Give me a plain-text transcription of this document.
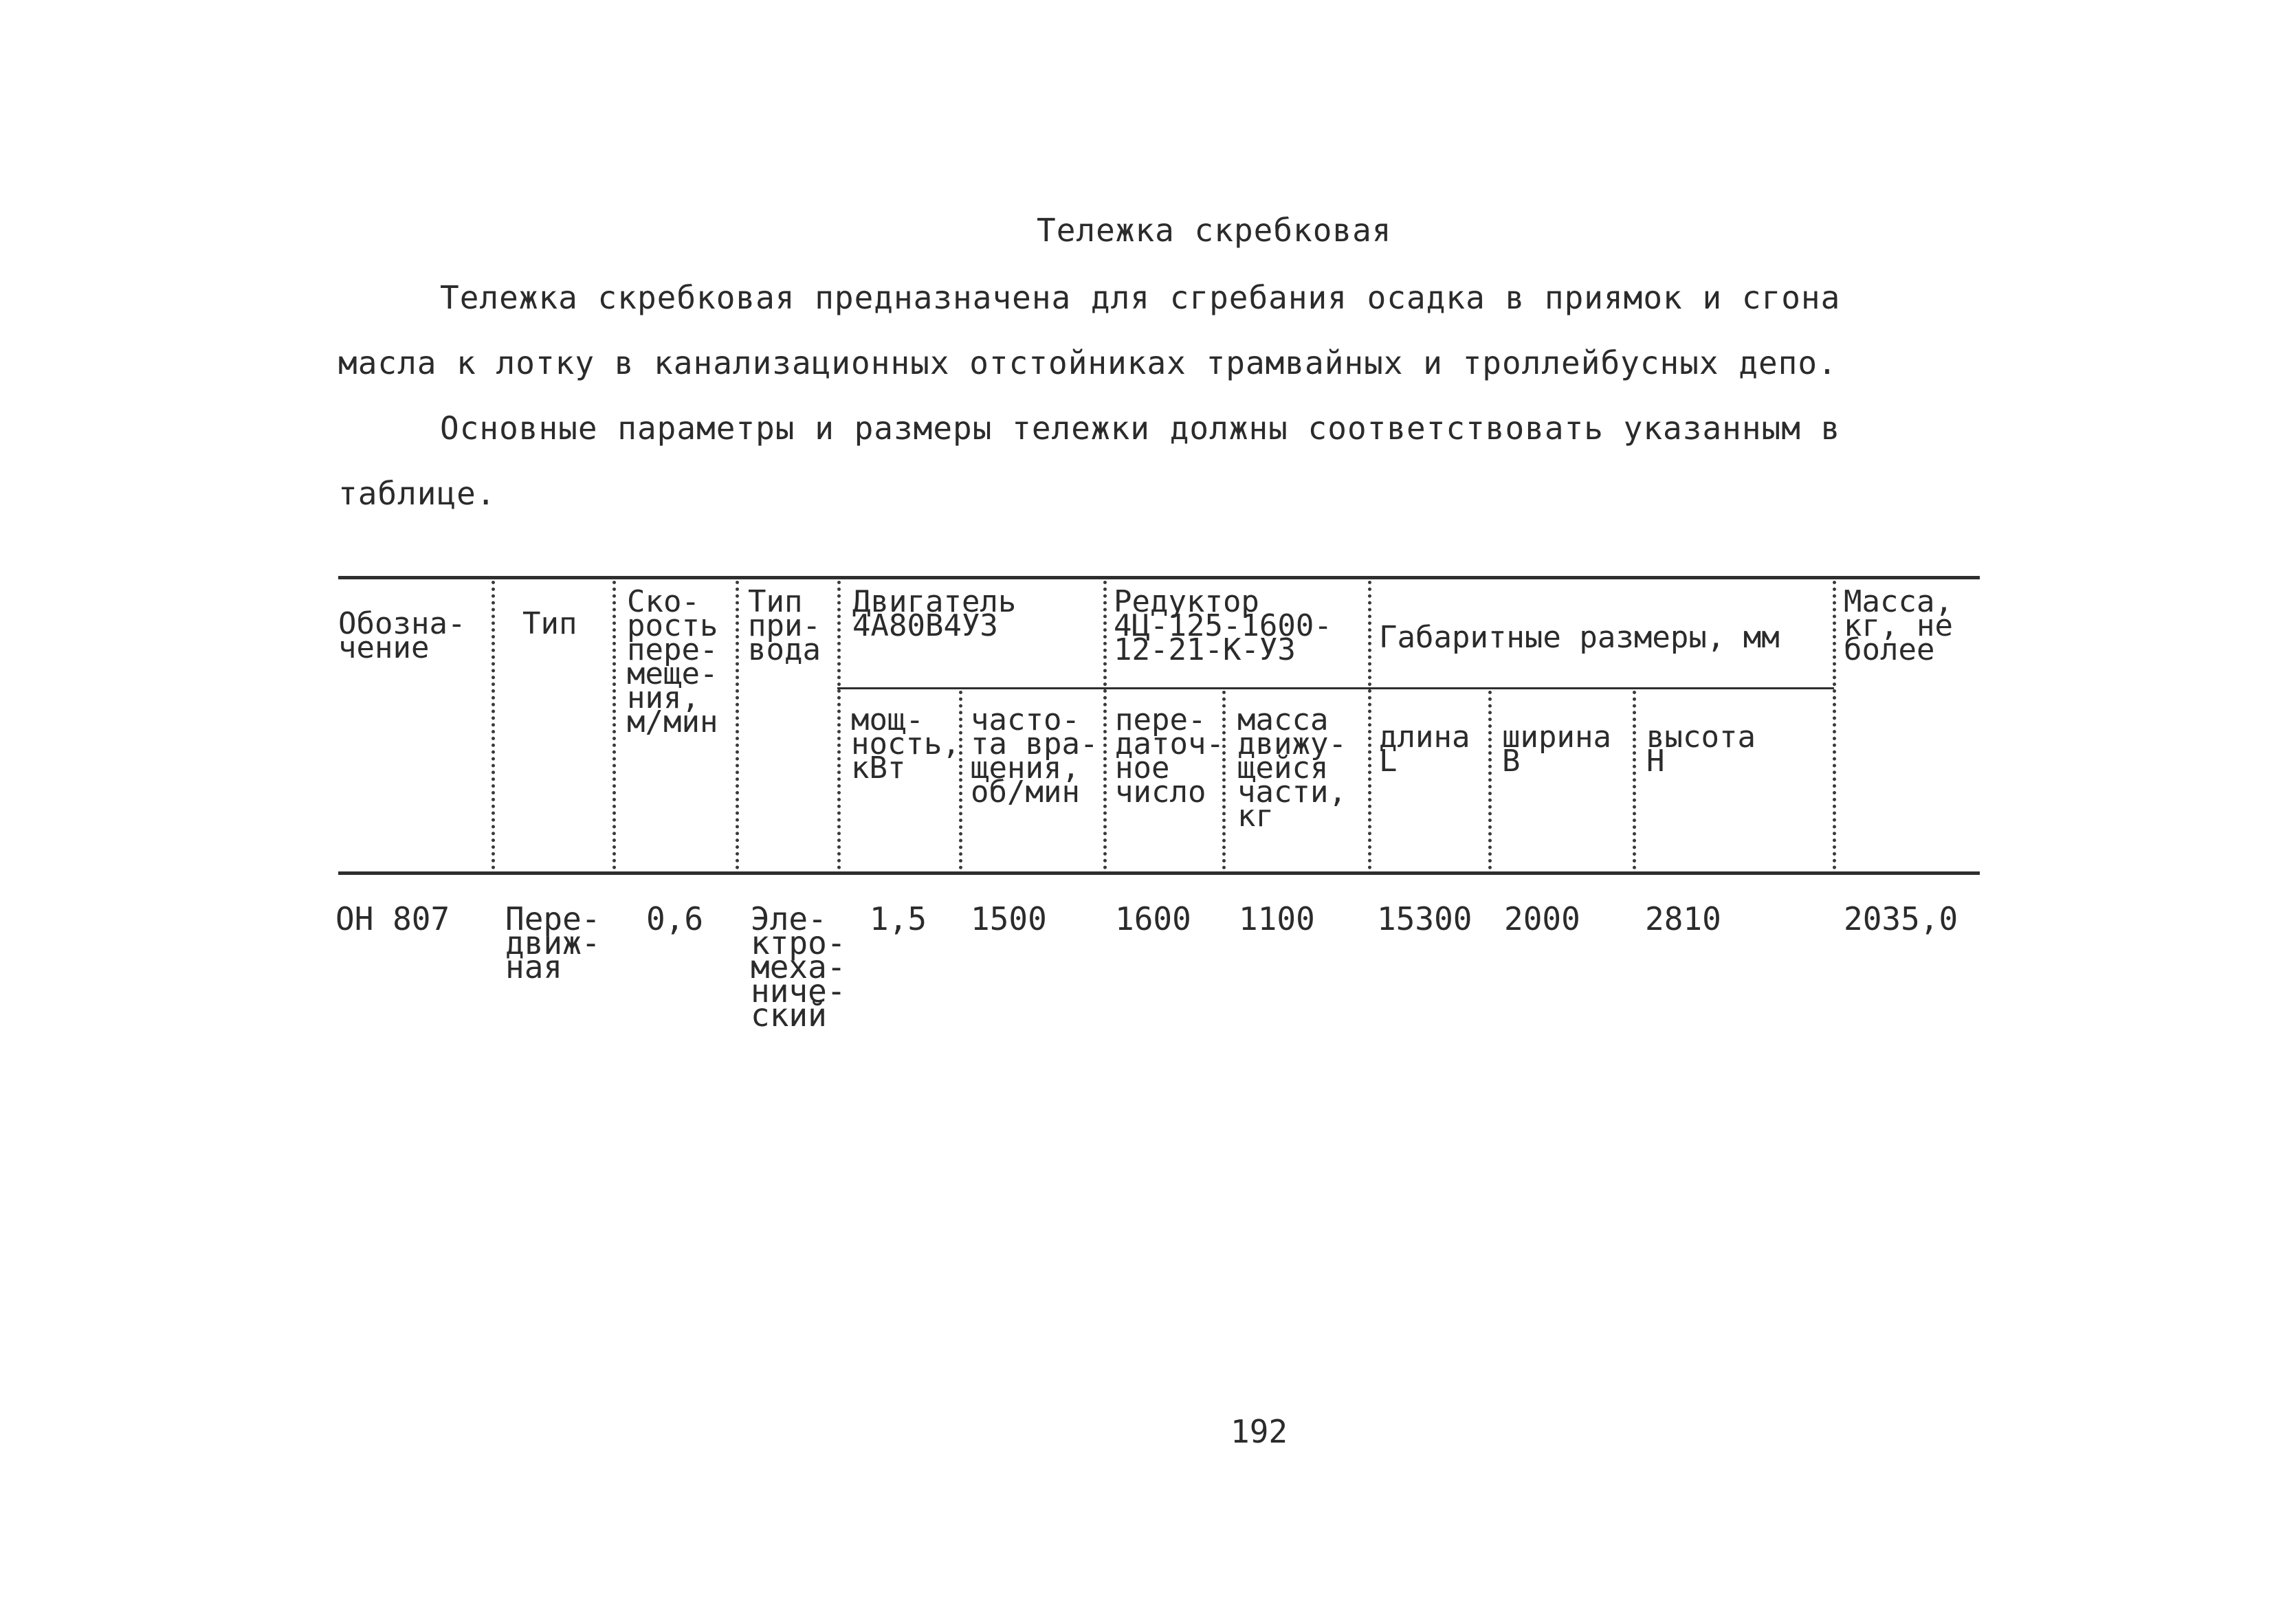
Тележка скребковая
Тележка скребковая предназначена для сгребания осадка в приямок и сгона
масла к лотку в канализационных отстойниках трамвайных и троллейбусных депо.
Основные параметры и размеры тележки должны соответствовать указанным в
таблице.
Обозна-
чение
Тип
Ско-
рость
пере-
меще-
ния,
м/мин
Тип
при-
вода
Двигатель
4А80В4У3
Редуктор
4Ц-125-1600-
12-21-К-У3	Габаритные размеры, мм
Масса,
кг, не
более
мощ-
ность,
кВт
часто-
та вра-
щения,
об/мин
пере-
даточ-
ное
число
масса
движу-
щейся
части,
кг
длина
L
ширина
B
высота
H
ОН 807 Пере-
движ-
ная
0,6 Эле-
ктро-
меха-
ниче-
ский
1,5 1500 1600 1100 15300 2000 2810	2035,0
192
